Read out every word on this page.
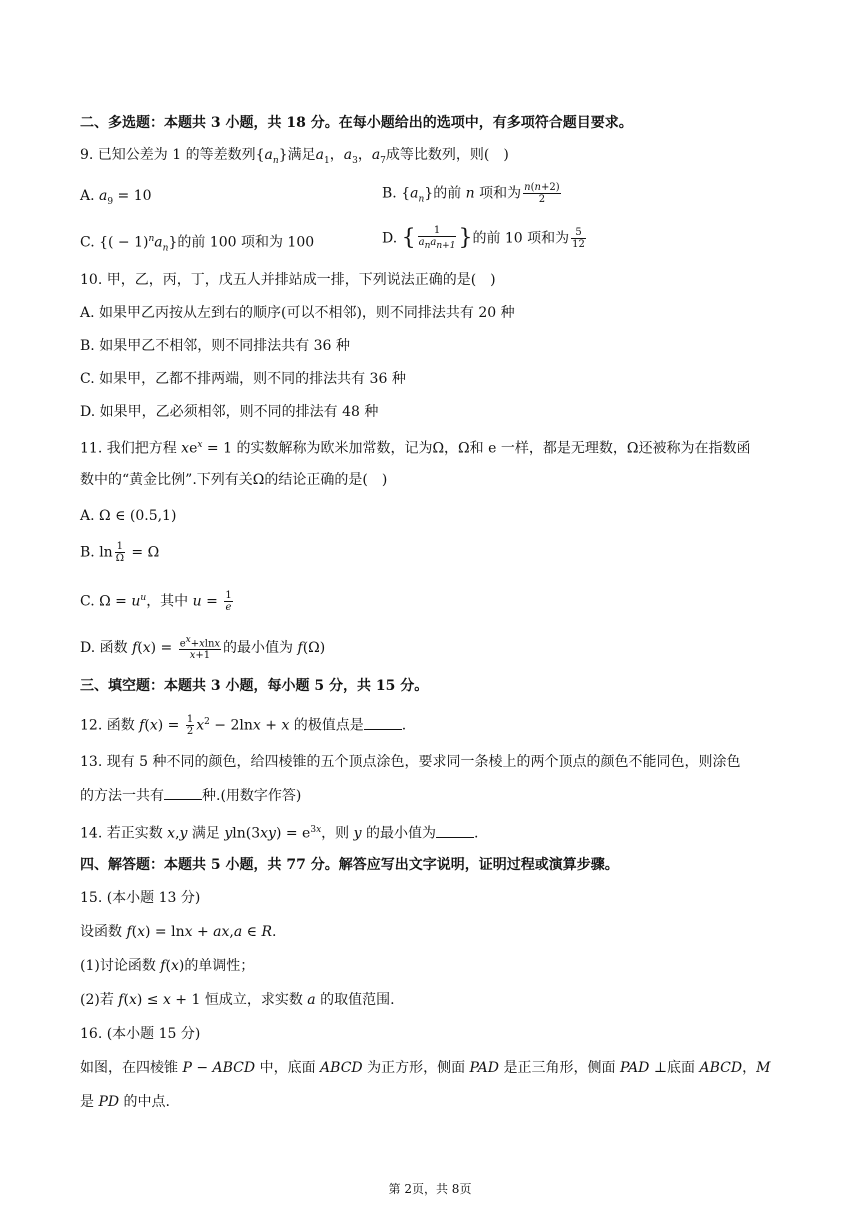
二、多选题：本题共 3 小题，共 18 分。在每小题给出的选项中，有多项符合题目要求。
9. 已知公差为 1 的等差数列$\{a_n\}$满足$a_1$，$a_3$，$a_7$成等比数列，则(　)
A. $a_9 = 10$	B. $\{a_n\}$的前 n 项和为 $\frac{n(n+2)}{2}$
C. {( − $1)^na_n$}的前 100 项和为 100	D. { $\frac{1}{a_na_{n+1}}$ }的前 10 项和为 $\frac{5}{12}$
10. 甲，乙，丙，丁，戊五人并排站成一排，下列说法正确的是(　)
A. 如果甲乙丙按从左到右的顺序(可以不相邻)，则不同排法共有 20 种
B. 如果甲乙不相邻，则不同排法共有 36 种
C. 如果甲，乙都不排两端，则不同的排法共有 36 种
D. 如果甲，乙必须相邻，则不同的排法有 48 种
11. 我们把方程 $xe^x = 1$ 的实数解称为欧米加常数，记为Ω，Ω和 e 一样，都是无理数，Ω还被称为在指数函
数中的“黄金比例”.下列有关Ω的结论正确的是(　)
A. Ω ∈ (0.5,1)
B. $\ln \frac{1}{\Omega} = \Omega$
C. $\Omega = u^u$，其中 $u = \frac{1}{e}$
D. 函数 $f(x) = \frac{e^x+xlnx}{x+1}$ 的最小值为 f(Ω)
三、填空题：本题共 3 小题，每小题 5 分，共 15 分。
12. 函数 $f(x) = \frac{1}{2} x^2 - 2\ln x + x$ 的极值点是	.
13. 现有 5 种不同的颜色，给四棱锥的五个顶点涂色，要求同一条棱上的两个顶点的颜色不能同色，则涂色
的方法一共有	种.(用数字作答)
14. 若正实数 x,y 满足 $yln(3xy) = e^{3x}$，则 y 的最小值为	.
四、解答题：本题共 5 小题，共 77 分。解答应写出文字说明，证明过程或演算步骤。
15. (本小题 13 分)
设函数 f(x) = lnx + ax,a ∈ R.
(1)讨论函数 f(x)的单调性；
(2)若 f(x) ≤ x + 1 恒成立，求实数 a 的取值范围.
16. (本小题 15 分)
如图，在四棱锥 P − ABCD 中，底面 ABCD 为正方形，侧面 PAD 是正三角形，侧面 PAD ⊥底面 ABCD，M
是 PD 的中点.
第 2页，共 8页
